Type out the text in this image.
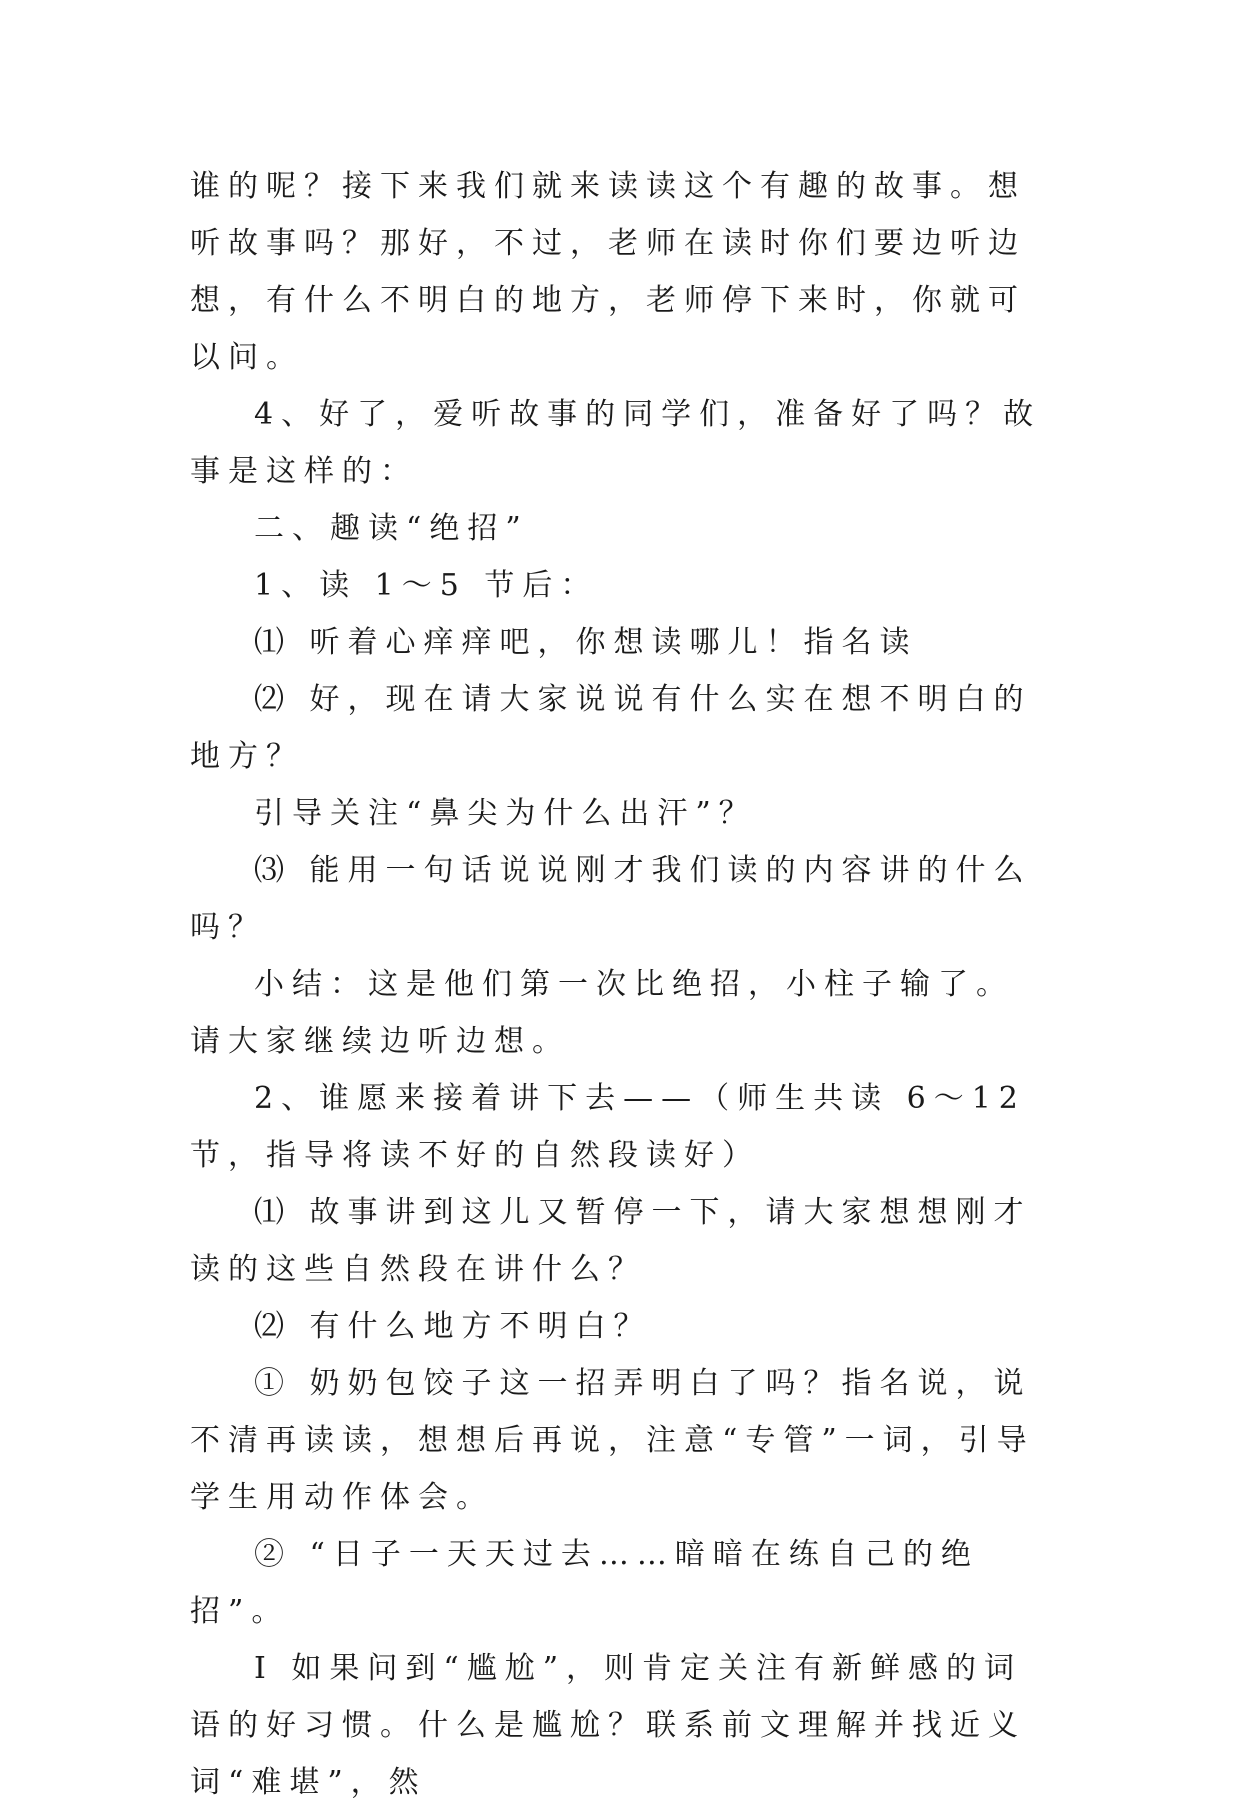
谁的呢？接下来我们就来读读这个有趣的故事。想听故事吗？那好，不过，老师在读时你们要边听边想，有什么不明白的地方，老师停下来时，你就可以问。

4、好了，爱听故事的同学们，准备好了吗？故事是这样的：

二、趣读“绝招”

1、读 1～5 节后：

⑴ 听着心痒痒吧，你想读哪儿！指名读

⑵ 好，现在请大家说说有什么实在想不明白的地方？

引导关注“鼻尖为什么出汗”？

⑶ 能用一句话说说刚才我们读的内容讲的什么吗？

小结：这是他们第一次比绝招，小柱子输了。请大家继续边听边想。

2、谁愿来接着讲下去——（师生共读 6～12 节，指导将读不好的自然段读好）

⑴ 故事讲到这儿又暂停一下，请大家想想刚才读的这些自然段在讲什么？

⑵ 有什么地方不明白？

① 奶奶包饺子这一招弄明白了吗？指名说，说不清再读读，想想后再说，注意“专管”一词，引导学生用动作体会。

② “日子一天天过去……暗暗在练自己的绝招”。

Ⅰ 如果问到“尴尬”，则肯定关注有新鲜感的词语的好习惯。什么是尴尬？联系前文理解并找近义词“难堪”，然
